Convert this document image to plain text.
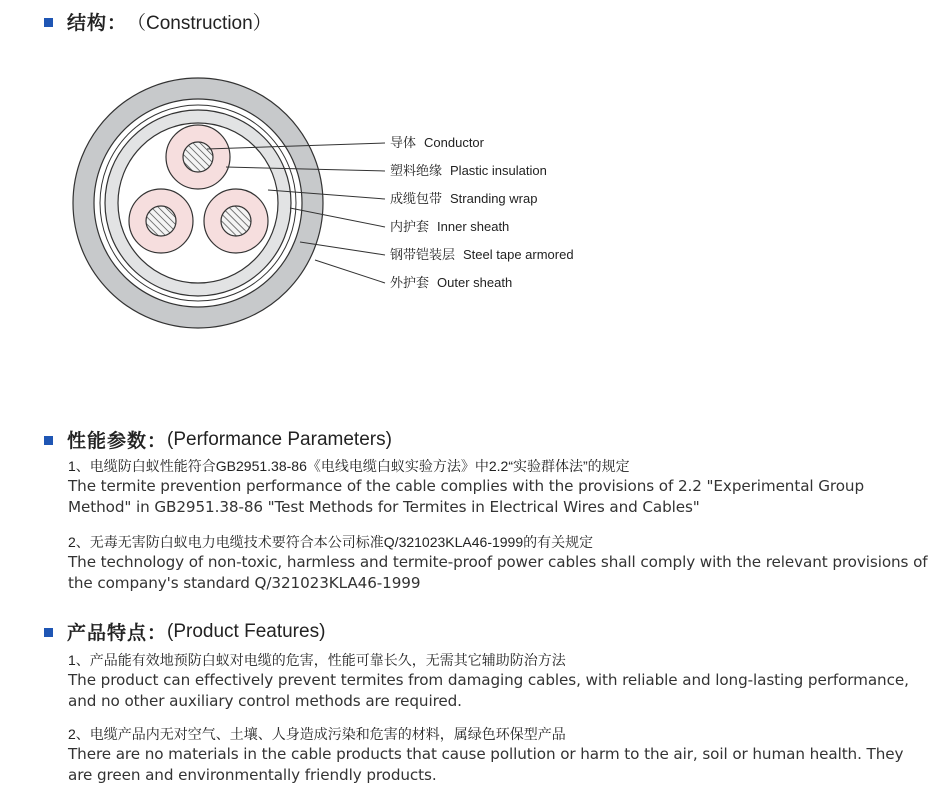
结构： （Construction）
导体 Conductor
塑料绝缘 Plastic insulation
成缆包带 Stranding wrap
内护套 Inner sheath
钢带铠装层 Steel tape armored
外护套 Outer sheath
性能参数： (Performance Parameters)
1、电缆防白蚁性能符合GB2951.38-86《电线电缆白蚁实验方法》中2.2“实验群体法”的规定
The termite prevention performance of the cable complies with the provisions of 2.2 "Experimental Group Method" in GB2951.38-86 "Test Methods for Termites in Electrical Wires and Cables"
2、无毒无害防白蚁电力电缆技术要符合本公司标准Q/321023KLA46-1999的有关规定
The technology of non-toxic, harmless and termite-proof power cables shall comply with the relevant provisions of the company's standard Q/321023KLA46-1999
产品特点： (Product Features)
1、产品能有效地预防白蚁对电缆的危害，性能可靠长久，无需其它辅助防治方法
The product can effectively prevent termites from damaging cables, with reliable and long-lasting performance, and no other auxiliary control methods are required.
2、电缆产品内无对空气、土壤、人身造成污染和危害的材料，属绿色环保型产品
There are no materials in the cable products that cause pollution or harm to the air, soil or human health. They are green and environmentally friendly products.
